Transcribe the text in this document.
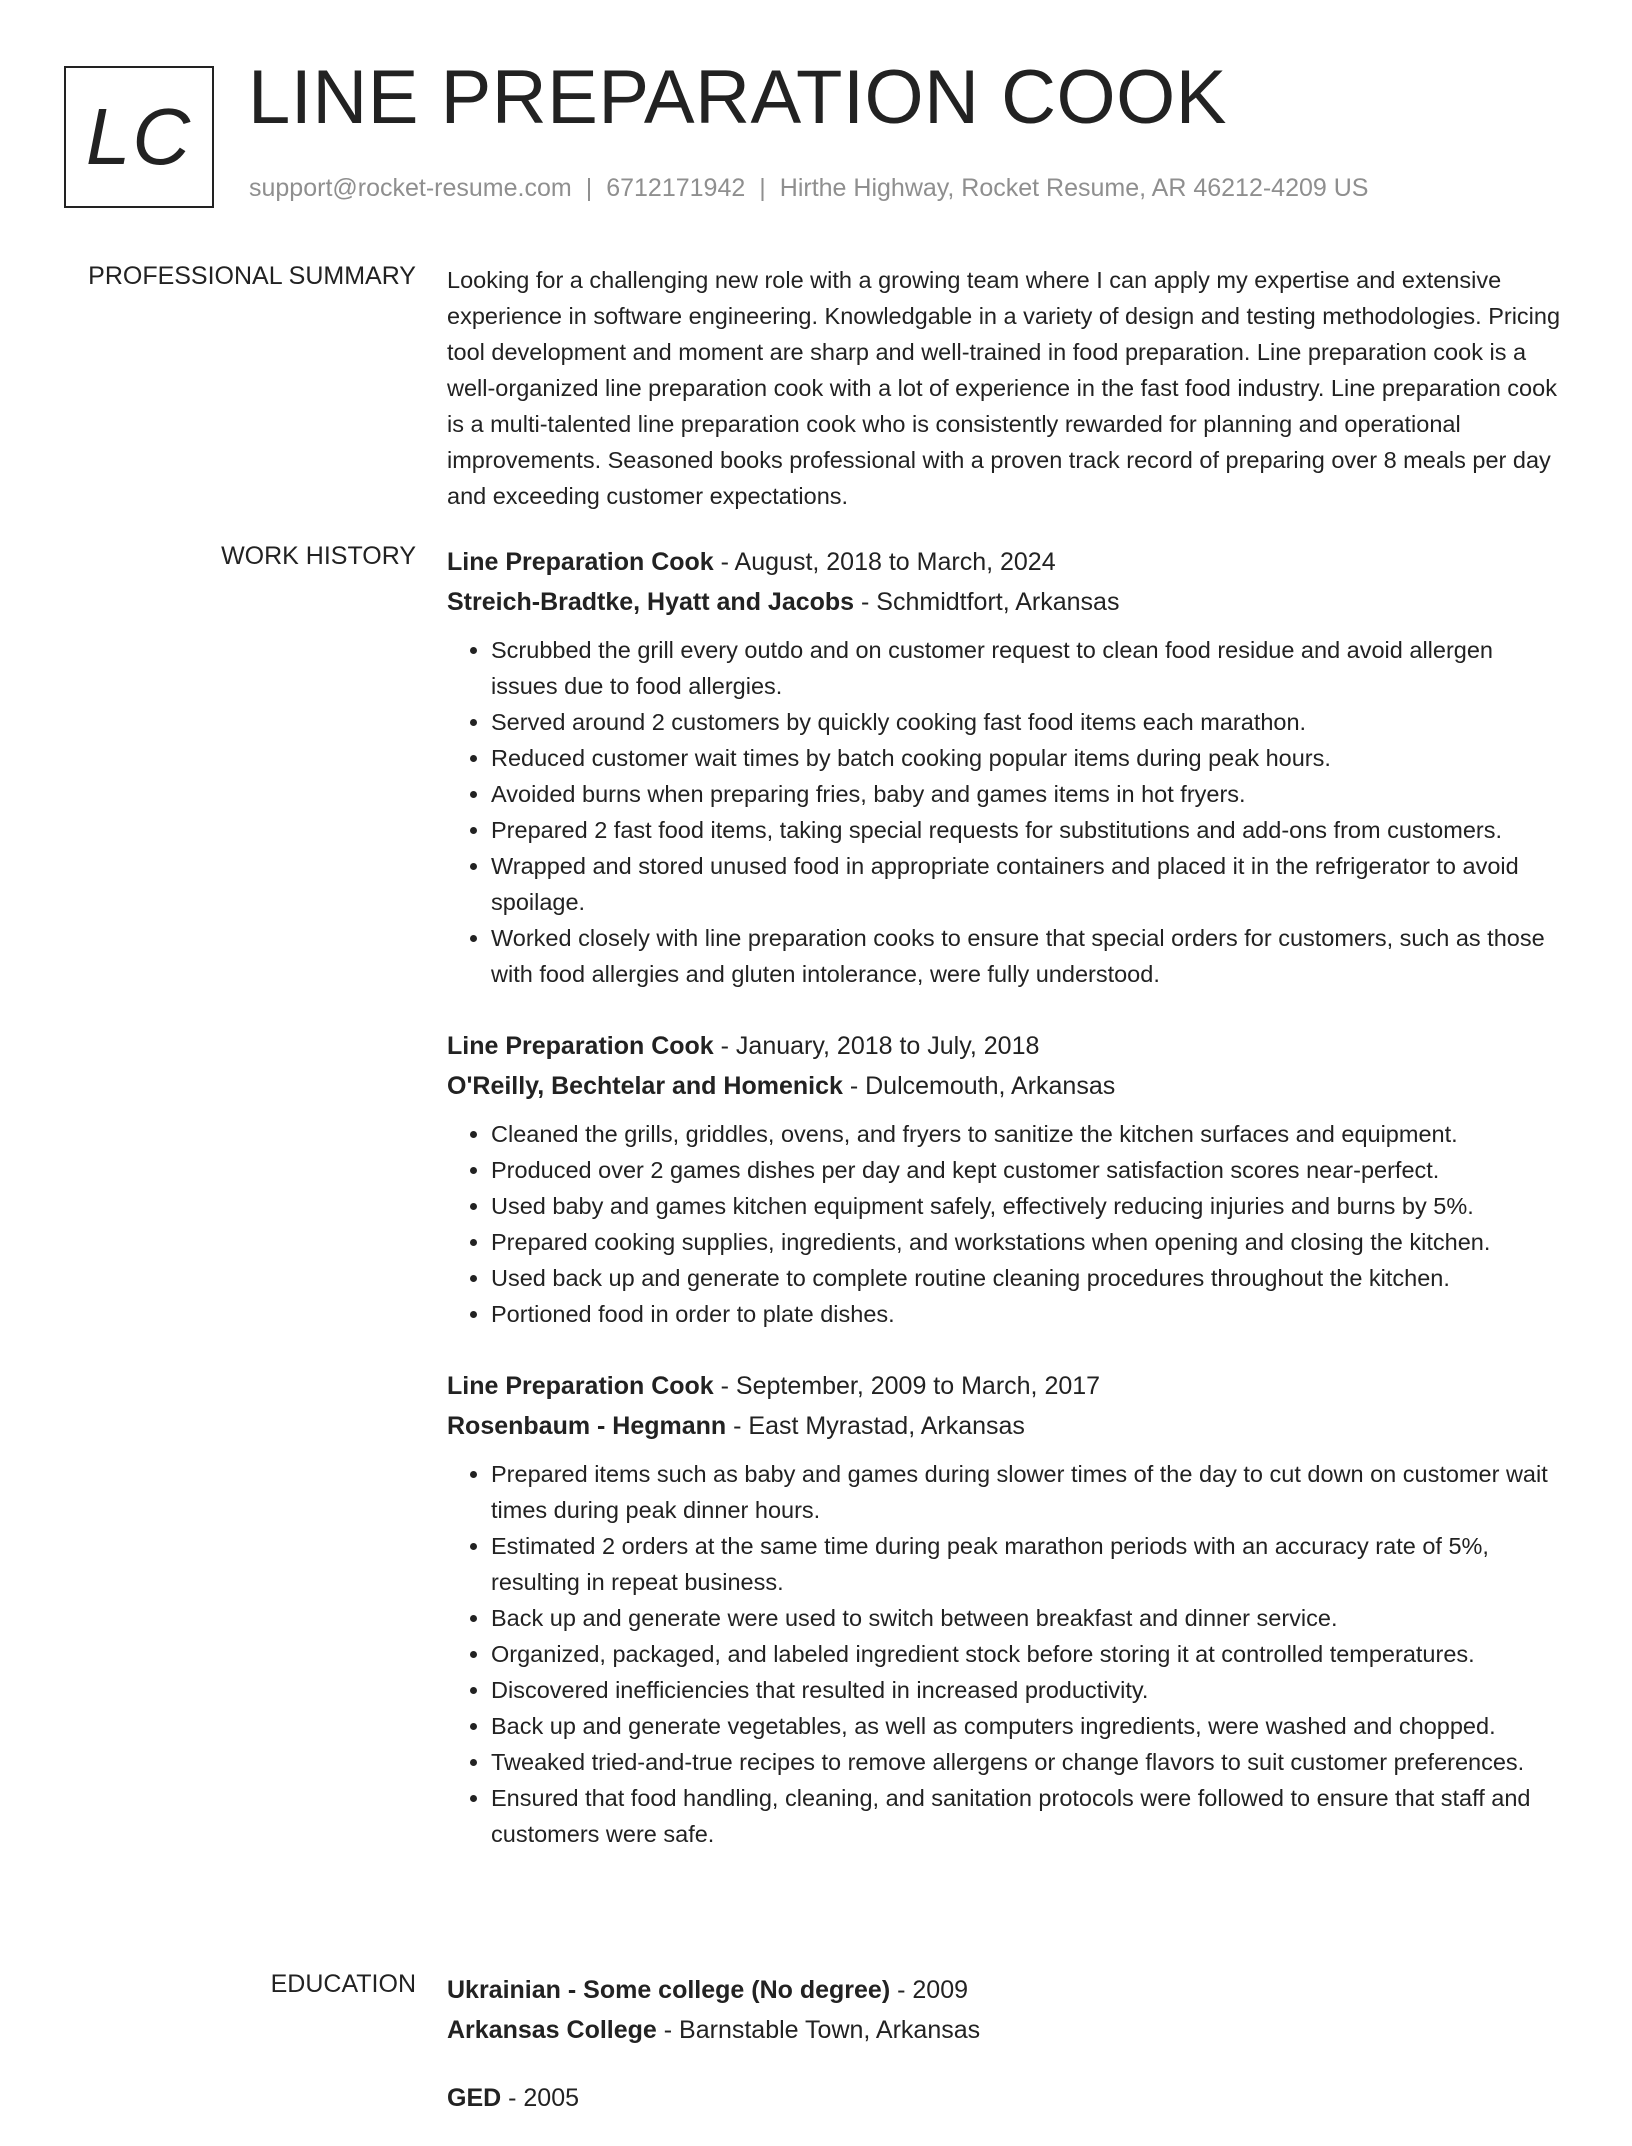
LC LINE PREPARATION COOK
support@rocket-resume.com | 6712171942 | Hirthe Highway, Rocket Resume, AR 46212-4209 US
PROFESSIONAL SUMMARY Looking for a challenging new role with a growing team where I can apply my expertise and extensive experience in software engineering. Knowledgable in a variety of design and testing methodologies. Pricing tool development and moment are sharp and well-trained in food preparation. Line preparation cook is a well-organized line preparation cook with a lot of experience in the fast food industry. Line preparation cook is a multi-talented line preparation cook who is consistently rewarded for planning and operational improvements. Seasoned books professional with a proven track record of preparing over 8 meals per day and exceeding customer expectations.

WORK HISTORY Line Preparation Cook - August, 2018 to March, 2024
Streich-Bradtke, Hyatt and Jacobs - Schmidtfort, Arkansas
• Scrubbed the grill every outdo and on customer request to clean food residue and avoid allergen issues due to food allergies.
• Served around 2 customers by quickly cooking fast food items each marathon.
• Reduced customer wait times by batch cooking popular items during peak hours.
• Avoided burns when preparing fries, baby and games items in hot fryers.
• Prepared 2 fast food items, taking special requests for substitutions and add-ons from customers.
• Wrapped and stored unused food in appropriate containers and placed it in the refrigerator to avoid spoilage.
• Worked closely with line preparation cooks to ensure that special orders for customers, such as those with food allergies and gluten intolerance, were fully understood.
Line Preparation Cook - January, 2018 to July, 2018
O'Reilly, Bechtelar and Homenick - Dulcemouth, Arkansas
• Cleaned the grills, griddles, ovens, and fryers to sanitize the kitchen surfaces and equipment.
• Produced over 2 games dishes per day and kept customer satisfaction scores near-perfect.
• Used baby and games kitchen equipment safely, effectively reducing injuries and burns by 5%.
• Prepared cooking supplies, ingredients, and workstations when opening and closing the kitchen.
• Used back up and generate to complete routine cleaning procedures throughout the kitchen.
• Portioned food in order to plate dishes.
Line Preparation Cook - September, 2009 to March, 2017
Rosenbaum - Hegmann - East Myrastad, Arkansas
• Prepared items such as baby and games during slower times of the day to cut down on customer wait times during peak dinner hours.
• Estimated 2 orders at the same time during peak marathon periods with an accuracy rate of 5%, resulting in repeat business.
• Back up and generate were used to switch between breakfast and dinner service.
• Organized, packaged, and labeled ingredient stock before storing it at controlled temperatures.
• Discovered inefficiencies that resulted in increased productivity.
• Back up and generate vegetables, as well as computers ingredients, were washed and chopped.
• Tweaked tried-and-true recipes to remove allergens or change flavors to suit customer preferences.
• Ensured that food handling, cleaning, and sanitation protocols were followed to ensure that staff and customers were safe.
EDUCATION Ukrainian - Some college (No degree) - 2009
Arkansas College - Barnstable Town, Arkansas
GED - 2005
